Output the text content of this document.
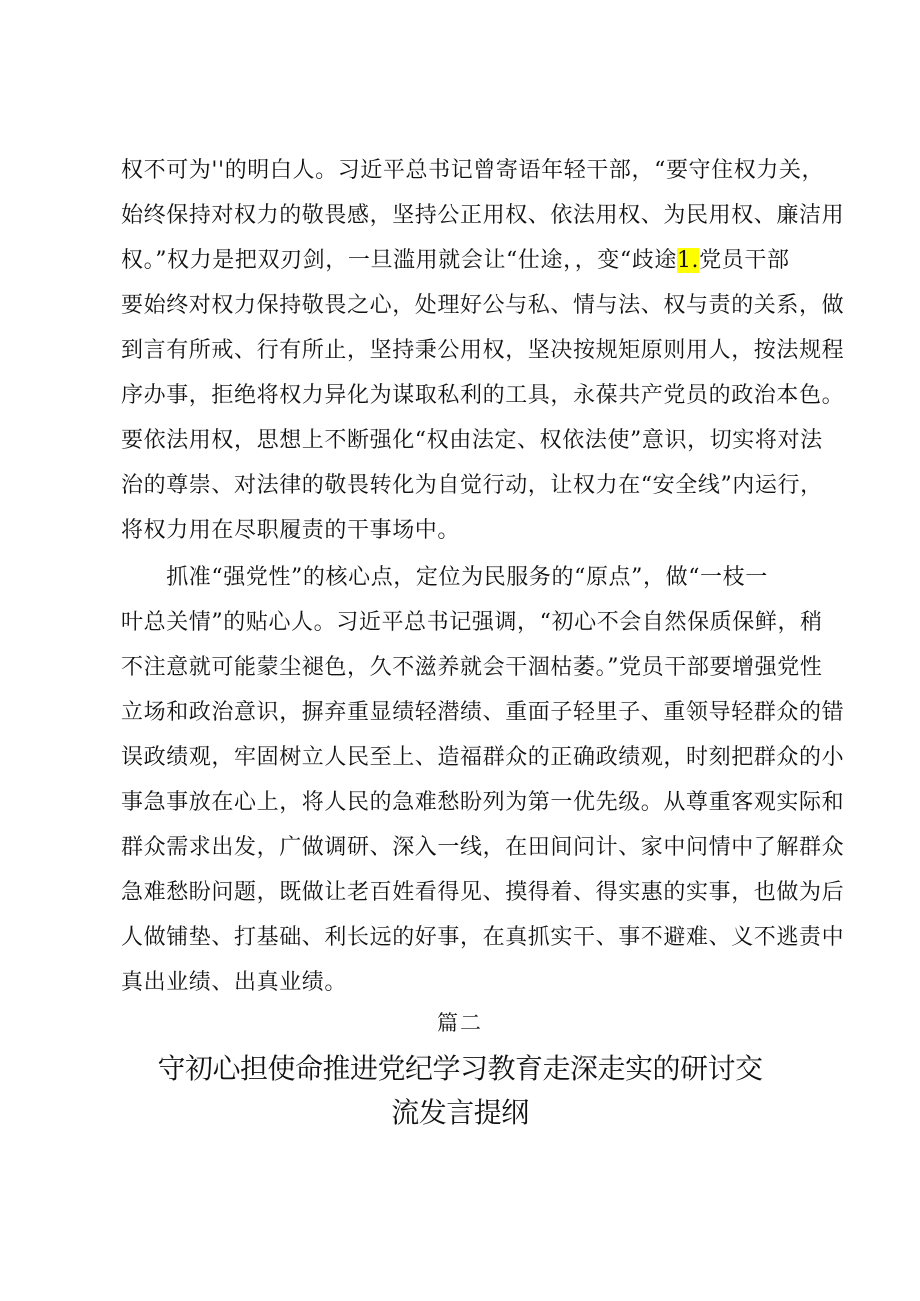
权不可为''的明白人。习近平总书记曾寄语年轻干部，“要守住权力关，
始终保持对权力的敬畏感，坚持公正用权、依法用权、为民用权、廉洁用
权。”权力是把双刃剑，一旦滥用就会让“仕途，，变“歧途1.党员干部
要始终对权力保持敬畏之心，处理好公与私、情与法、权与责的关系，做
到言有所戒、行有所止，坚持秉公用权，坚决按规矩原则用人，按法规程
序办事，拒绝将权力异化为谋取私利的工具，永葆共产党员的政治本色。
要依法用权，思想上不断强化“权由法定、权依法使”意识，切实将对法
治的尊崇、对法律的敬畏转化为自觉行动，让权力在“安全线”内运行，
将权力用在尽职履责的干事场中。
　　抓准“强党性”的核心点，定位为民服务的“原点”，做“一枝一
叶总关情”的贴心人。习近平总书记强调，“初心不会自然保质保鲜，稍
不注意就可能蒙尘褪色，久不滋养就会干涸枯萎。”党员干部要增强党性
立场和政治意识，摒弃重显绩轻潜绩、重面子轻里子、重领导轻群众的错
误政绩观，牢固树立人民至上、造福群众的正确政绩观，时刻把群众的小
事急事放在心上，将人民的急难愁盼列为第一优先级。从尊重客观实际和
群众需求出发，广做调研、深入一线，在田间问计、家中问情中了解群众
急难愁盼问题，既做让老百姓看得见、摸得着、得实惠的实事，也做为后
人做铺垫、打基础、利长远的好事，在真抓实干、事不避难、义不逃责中
真出业绩、出真业绩。
篇二
守初心担使命推进党纪学习教育走深走实的研讨交
流发言提纲
